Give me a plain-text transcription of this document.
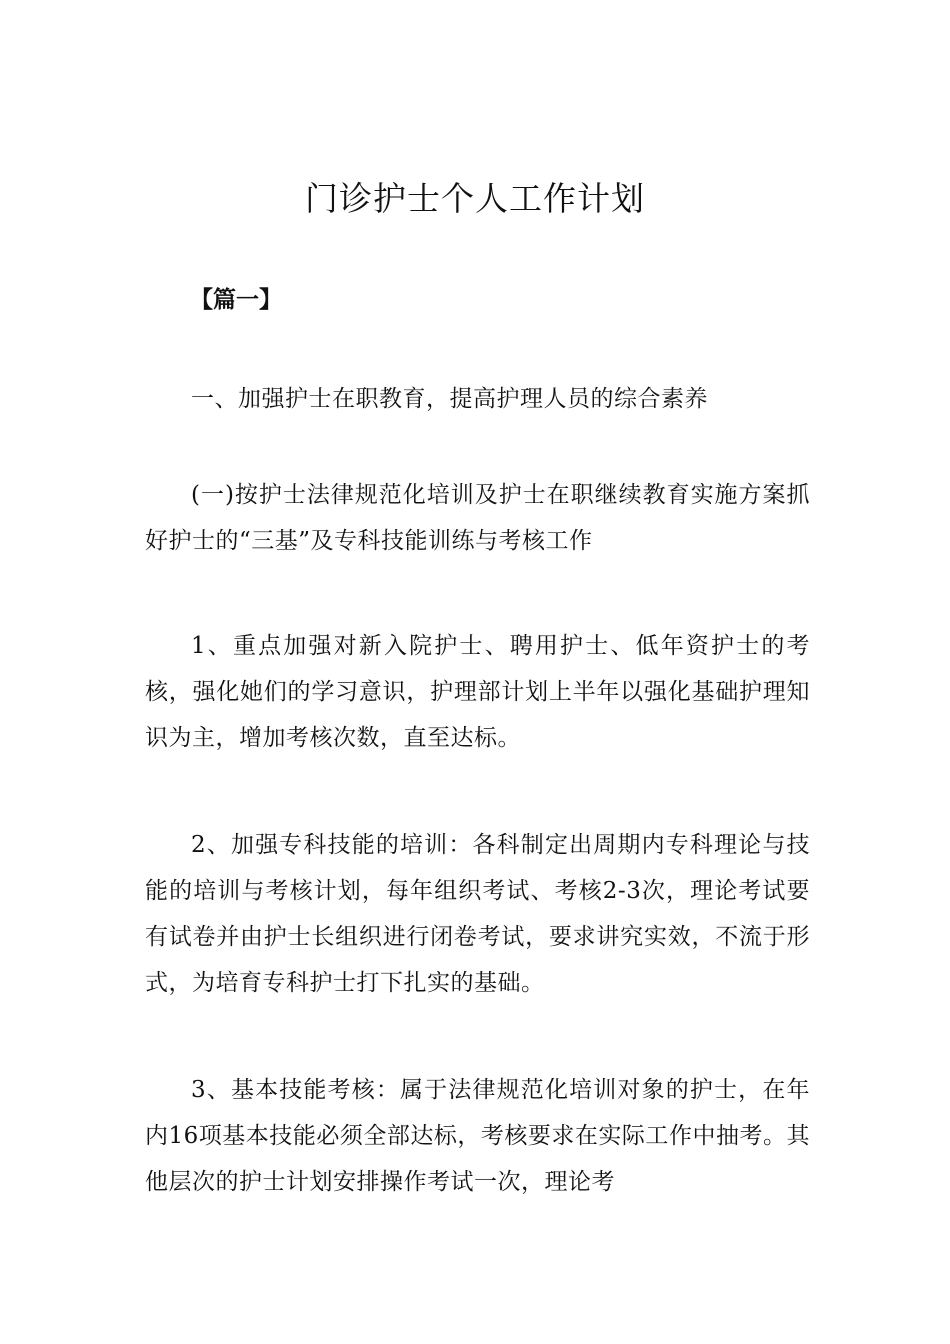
门诊护士个人工作计划

【篇一】

一、加强护士在职教育，提高护理人员的综合素养

(一)按护士法律规范化培训及护士在职继续教育实施方案抓好护士的“三基”及专科技能训练与考核工作

1、重点加强对新入院护士、聘用护士、低年资护士的考核，强化她们的学习意识，护理部计划上半年以强化基础护理知识为主，增加考核次数，直至达标。

2、加强专科技能的培训：各科制定出周期内专科理论与技能的培训与考核计划，每年组织考试、考核2-3次，理论考试要有试卷并由护士长组织进行闭卷考试，要求讲究实效，不流于形式，为培育专科护士打下扎实的基础。

3、基本技能考核：属于法律规范化培训对象的护士，在年内16项基本技能必须全部达标，考核要求在实际工作中抽考。其他层次的护士计划安排操作考试一次，理论考
